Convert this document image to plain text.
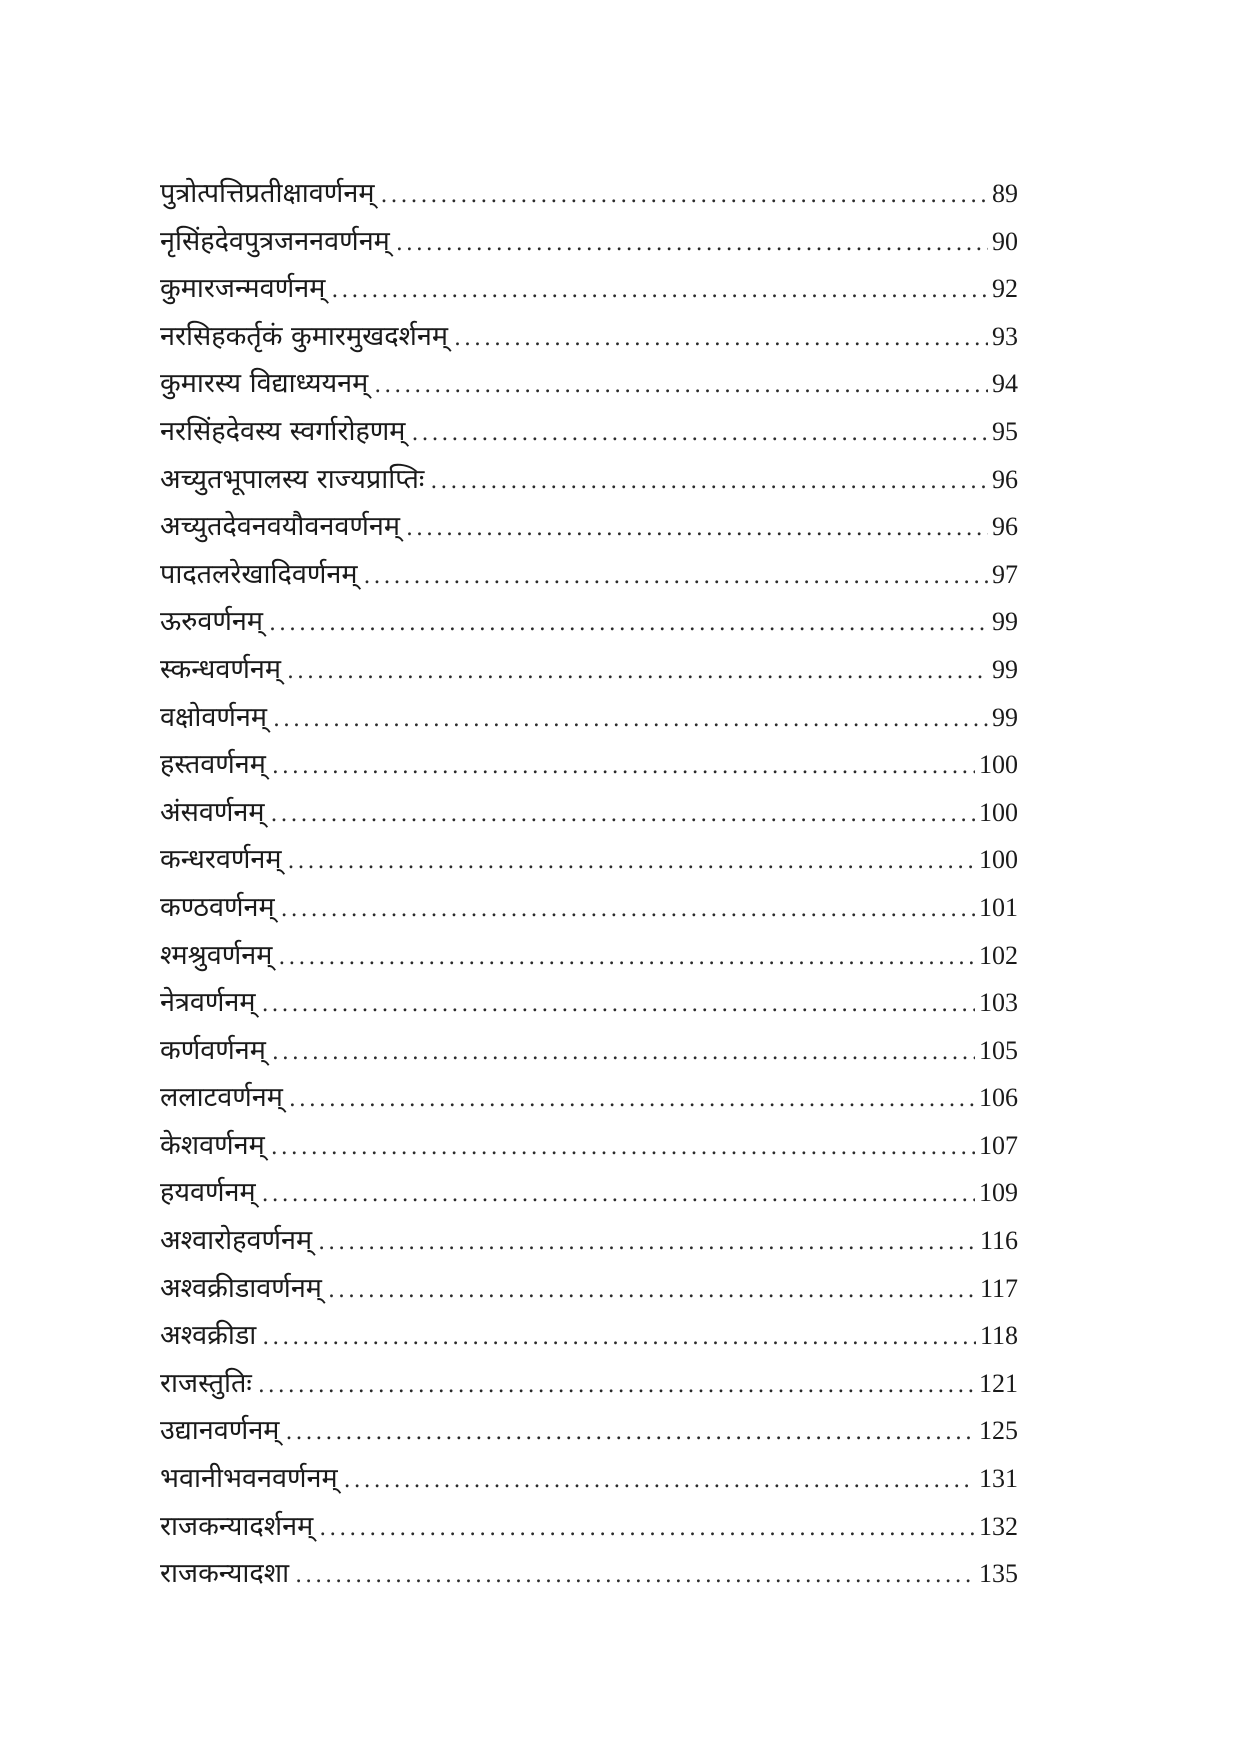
पुत्रोत्पत्तिप्रतीक्षावर्णनम् .....	89
नृसिंहदेवपुत्रजननवर्णनम् .....	90
कुमारजन्मवर्णनम् .....	92
नरसिहकर्तृकं कुमारमुखदर्शनम् .....	93
कुमारस्य विद्याध्ययनम् .....	94
नरसिंहदेवस्य स्वर्गारोहणम् .....	95
अच्युतभूपालस्य राज्यप्राप्तिः .....	96
अच्युतदेवनवयौवनवर्णनम् .....	96
पादतलरेखादिवर्णनम् .....	97
ऊरुवर्णनम् .....	99
स्कन्धवर्णनम् .....	99
वक्षोवर्णनम् .....	99
हस्तवर्णनम् .....	100
अंसवर्णनम् .....	100
कन्धरवर्णनम् .....	100
कण्ठवर्णनम् .....	101
श्मश्रुवर्णनम् .....	102
नेत्रवर्णनम् .....	103
कर्णवर्णनम् .....	105
ललाटवर्णनम् .....	106
केशवर्णनम् .....	107
हयवर्णनम् .....	109
अश्वारोहवर्णनम् .....	116
अश्वक्रीडावर्णनम् .....	117
अश्वक्रीडा .....	118
राजस्तुतिः .....	121
उद्यानवर्णनम् .....	125
भवानीभवनवर्णनम् .....	131
राजकन्यादर्शनम् .....	132
राजकन्यादशा .....	135
